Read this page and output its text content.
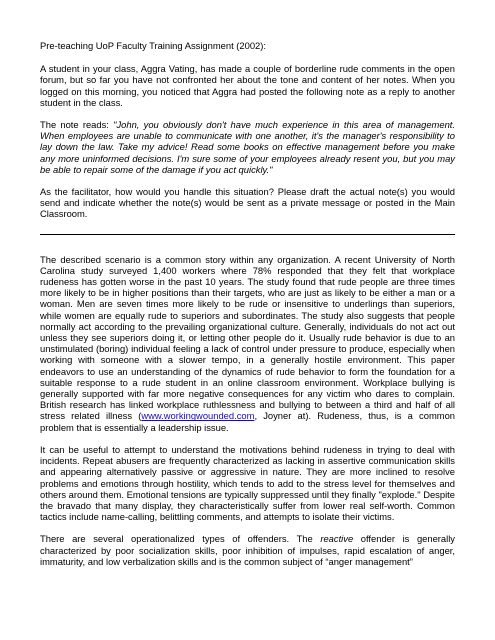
Pre-teaching UoP Faculty Training Assignment (2002):

A student in your class, Aggra Vating, has made a couple of borderline rude comments in the open forum, but so far you have not confronted her about the tone and content of her notes. When you logged on this morning, you noticed that Aggra had posted the following note as a reply to another student in the class.

The note reads: "John, you obviously don't have much experience in this area of management. When employees are unable to communicate with one another, it's the manager's responsibility to lay down the law. Take my advice! Read some books on effective management before you make any more uninformed decisions. I'm sure some of your employees already resent you, but you may be able to repair some of the damage if you act quickly."

As the facilitator, how would you handle this situation? Please draft the actual note(s) you would send and indicate whether the note(s) would be sent as a private message or posted in the Main Classroom.

The described scenario is a common story within any organization. A recent University of North Carolina study surveyed 1,400 workers where 78% responded that they felt that workplace rudeness has gotten worse in the past 10 years. The study found that rude people are three times more likely to be in higher positions than their targets, who are just as likely to be either a man or a woman. Men are seven times more likely to be rude or insensitive to underlings than superiors, while women are equally rude to superiors and subordinates. The study also suggests that people normally act according to the prevailing organizational culture. Generally, individuals do not act out unless they see superiors doing it, or letting other people do it. Usually rude behavior is due to an unstimulated (boring) individual feeling a lack of control under pressure to produce, especially when working with someone with a slower tempo, in a generally hostile environment. This paper endeavors to use an understanding of the dynamics of rude behavior to form the foundation for a suitable response to a rude student in an online classroom environment. Workplace bullying is generally supported with far more negative consequences for any victim who dares to complain. British research has linked workplace ruthlessness and bullying to between a third and half of all stress related illness (www.workingwounded.com, Joyner at). Rudeness, thus, is a common problem that is essentially a leadership issue.

It can be useful to attempt to understand the motivations behind rudeness in trying to deal with incidents. Repeat abusers are frequently characterized as lacking in assertive communication skills and appearing alternatively passive or aggressive in nature. They are more inclined to resolve problems and emotions through hostility, which tends to add to the stress level for themselves and others around them. Emotional tensions are typically suppressed until they finally "explode." Despite the bravado that many display, they characteristically suffer from lower real self-worth. Common tactics include name-calling, belittling comments, and attempts to isolate their victims.

There are several operationalized types of offenders. The reactive offender is generally characterized by poor socialization skills, poor inhibition of impulses, rapid escalation of anger, immaturity, and low verbalization skills and is the common subject of “anger management”
